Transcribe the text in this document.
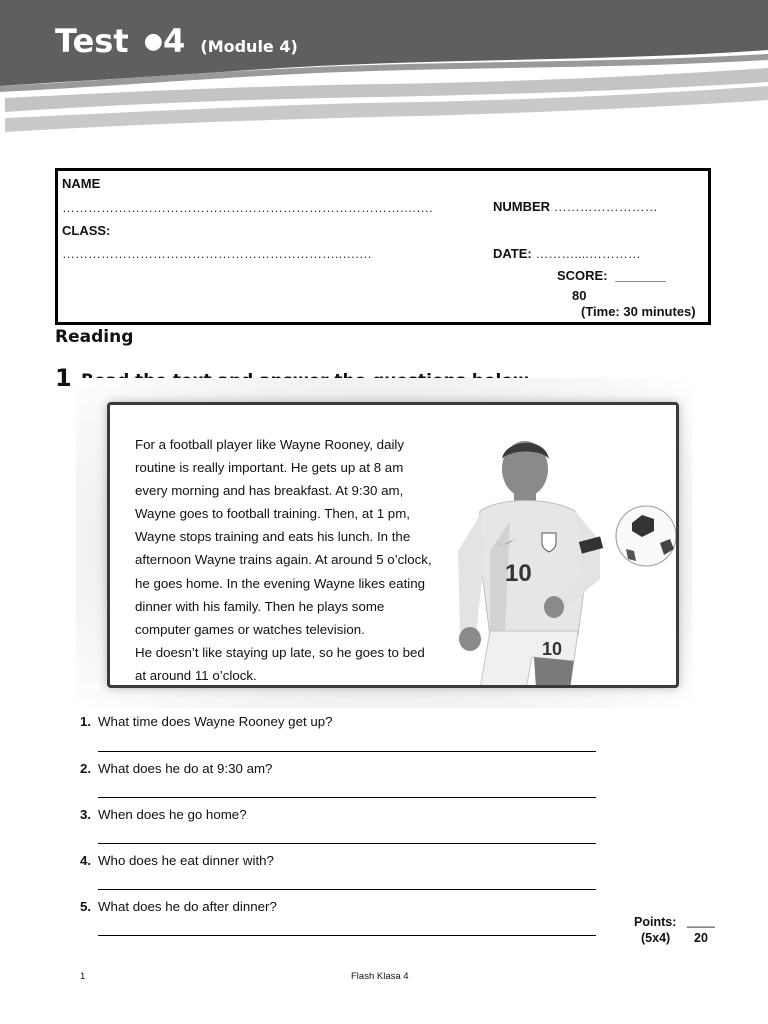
Test ●4 (Module 4)
NAME
…………………………………………………………………….….…	NUMBER ……………………
CLASS:
………………………………………………………..….…	DATE: ………....…………
SCORE: _______
80
(Time: 30 minutes)
Reading
1
For a football player like Wayne Rooney, daily
routine is really important. He gets up at 8 am
every morning and has breakfast. At 9:30 am,
Wayne goes to football training. Then, at 1 pm,
Wayne stops training and eats his lunch. In the
afternoon Wayne trains again. At around 5 o’clock,
he goes home. In the evening Wayne likes eating
dinner with his family. Then he plays some
computer games or watches television.
He doesn’t like staying up late, so he goes to bed
at around 11 o’clock.
10
10
1. What time does Wayne Rooney get up?
2. What does he do at 9:30 am?
3. When does he go home?
4. Who does he eat dinner with?
5. What does he do after dinner?
Points: ____
(5x4) 20
1	Flash Klasa 4
